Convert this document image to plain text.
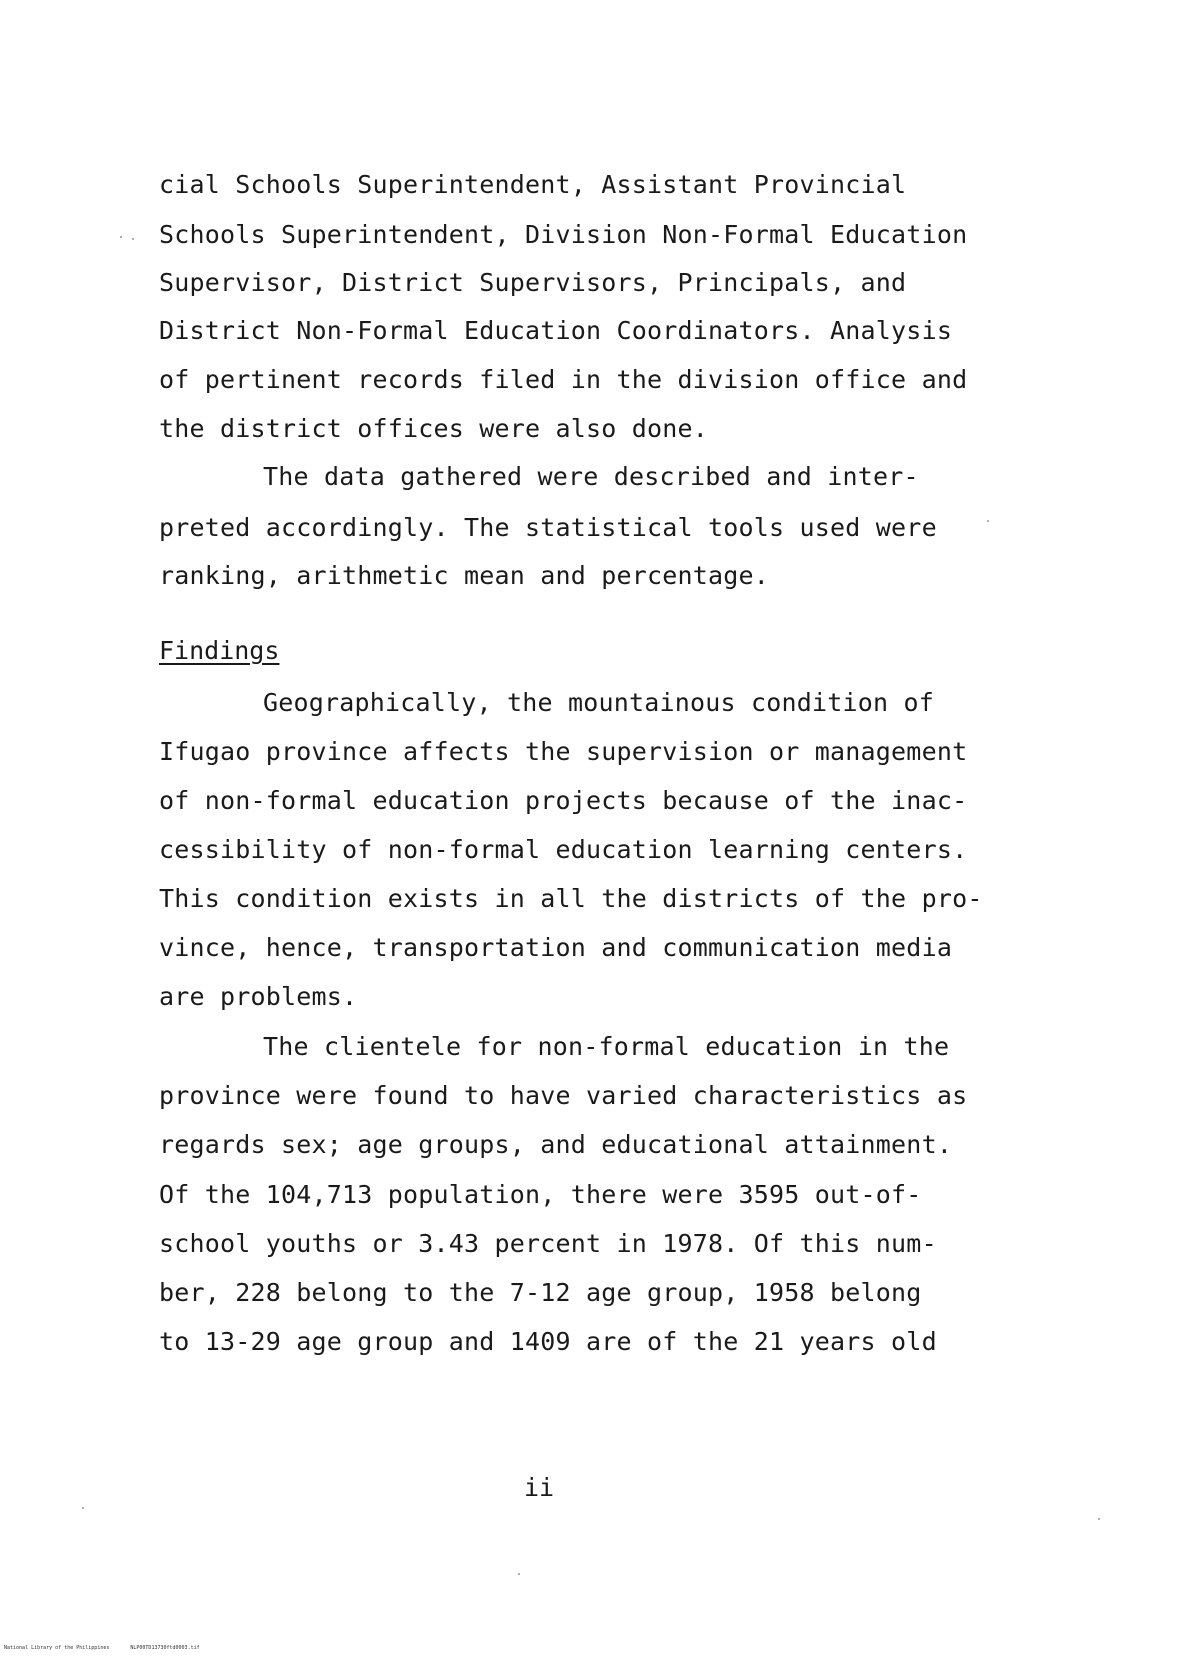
cial Schools Superintendent, Assistant Provincial
Schools Superintendent, Division Non-Formal Education
Supervisor, District Supervisors, Principals, and
District Non-Formal Education Coordinators. Analysis
of pertinent records filed in the division office and
the district offices were also done.
The data gathered were described and inter-
preted accordingly. The statistical tools used were
ranking, arithmetic mean and percentage.
Findings
Geographically, the mountainous condition of
Ifugao province affects the supervision or management
of non-formal education projects because of the inac-
cessibility of non-formal education learning centers.
This condition exists in all the districts of the pro-
vince, hence, transportation and communication media
are problems.
The clientele for non-formal education in the
province were found to have varied characteristics as
regards sex; age groups, and educational attainment.
Of the 104,713 population, there were 3595 out-of-
school youths or 3.43 percent in 1978. Of this num-
ber, 228 belong to the 7-12 age group, 1958 belong
to 13-29 age group and 1409 are of the 21 years old
ii
National Library of the Philippines	NLP00TD13730ftd0003.tif
